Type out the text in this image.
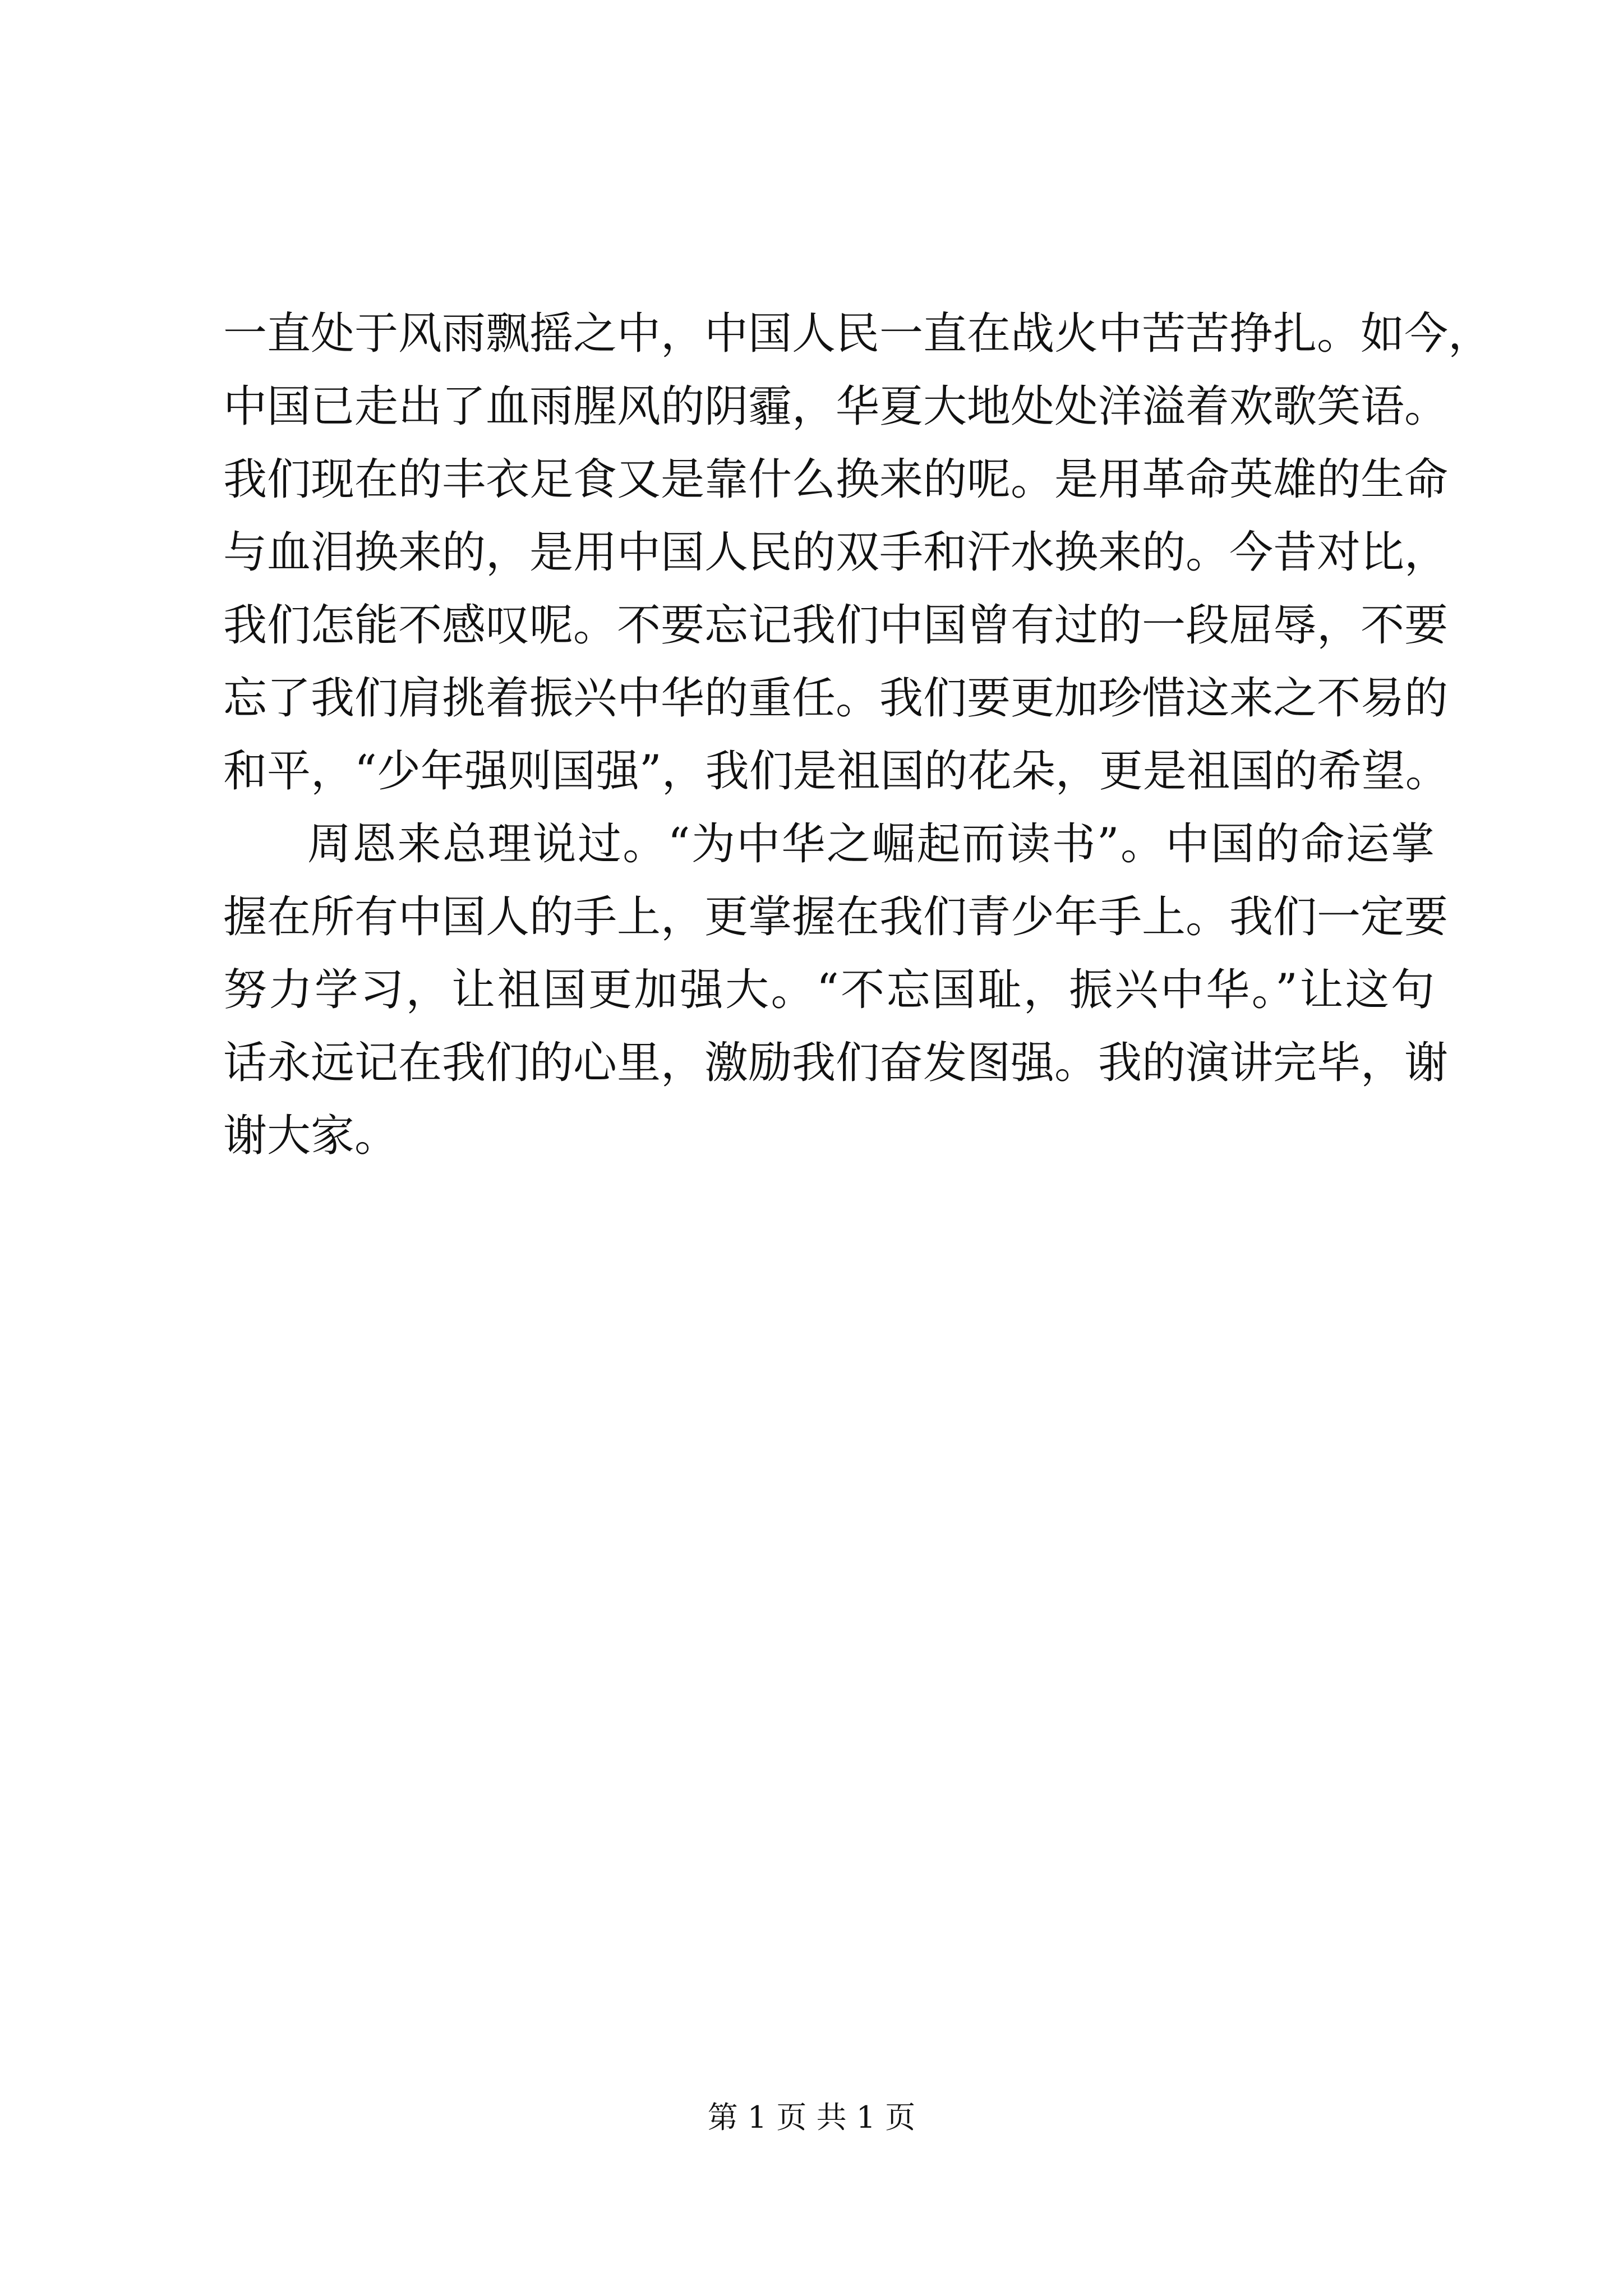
一直处于风雨飘摇之中，中国人民一直在战火中苦苦挣扎。如今，
中国已走出了血雨腥风的阴霾，华夏大地处处洋溢着欢歌笑语。
我们现在的丰衣足食又是靠什么换来的呢。是用革命英雄的生命
与血泪换来的，是用中国人民的双手和汗水换来的。今昔对比，
我们怎能不感叹呢。不要忘记我们中国曾有过的一段屈辱，不要
忘了我们肩挑着振兴中华的重任。我们要更加珍惜这来之不易的
和平，“少年强则国强”，我们是祖国的花朵，更是祖国的希望。
周恩来总理说过。“为中华之崛起而读书”。中国的命运掌
握在所有中国人的手上，更掌握在我们青少年手上。我们一定要
努力学习，让祖国更加强大。“不忘国耻，振兴中华。”让这句
话永远记在我们的心里，激励我们奋发图强。我的演讲完毕，谢
谢大家。
第 1 页 共 1 页
